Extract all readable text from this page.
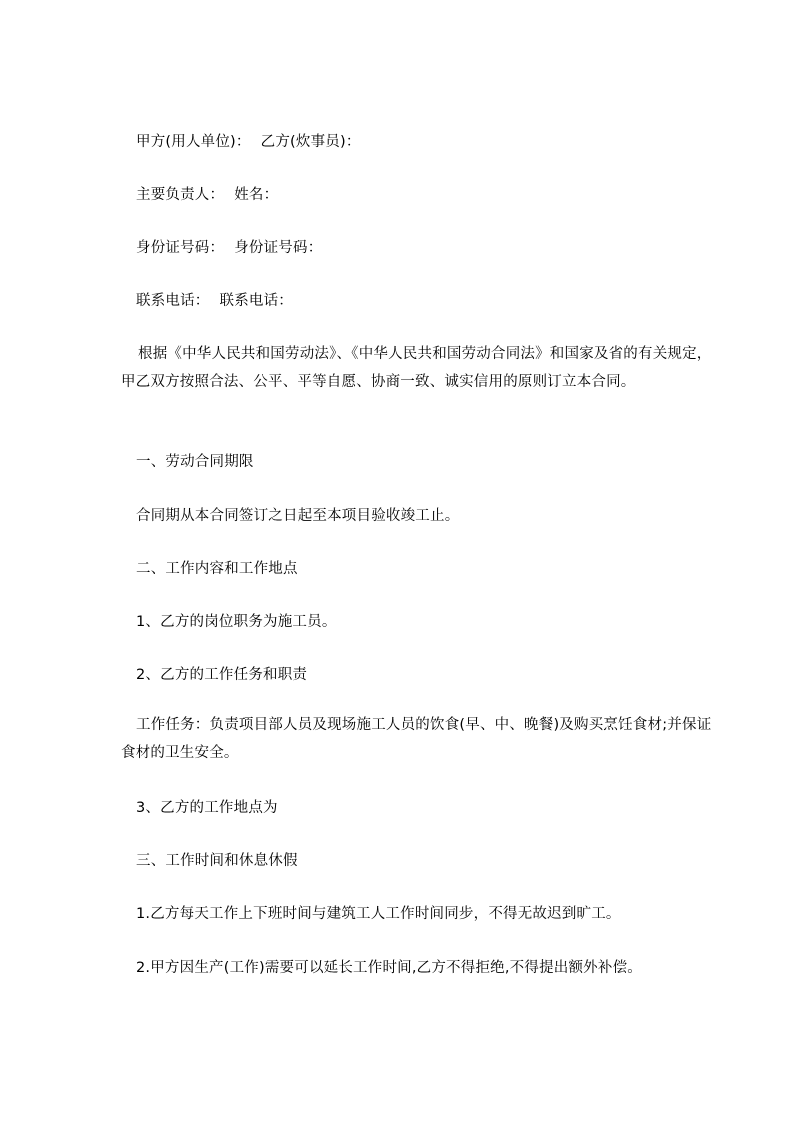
甲方(用人单位)： 乙方(炊事员)：
主要负责人： 姓名：
身份证号码： 身份证号码：
联系电话： 联系电话：
根据《中华人民共和国劳动法》、《中华人民共和国劳动合同法》和国家及省的有关规定，甲乙双方按照合法、公平、平等自愿、协商一致、诚实信用的原则订立本合同。
一、劳动合同期限
合同期从本合同签订之日起至本项目验收竣工止。
二、工作内容和工作地点
1、乙方的岗位职务为施工员。
2、乙方的工作任务和职责
工作任务：负责项目部人员及现场施工人员的饮食(早、中、晚餐)及购买烹饪食材;并保证食材的卫生安全。
3、乙方的工作地点为
三、工作时间和休息休假
1.乙方每天工作上下班时间与建筑工人工作时间同步，不得无故迟到旷工。
2.甲方因生产(工作)需要可以延长工作时间,乙方不得拒绝,不得提出额外补偿。
